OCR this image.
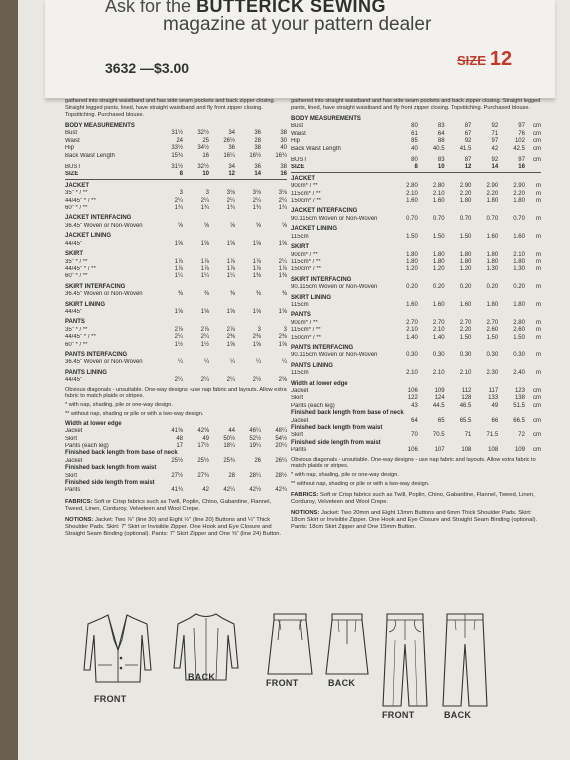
Ask for the BUTTERICK SEWING
magazine at your pattern dealer
3632 —$3.00	SIZE 12
gathered into straight waistband and has side seam pockets and back zipper closing. Straight legged pants, lined, have straight waistband and fly front zipper closing. Topstitching. Purchased blouse.
BODY MEASUREMENTS
Bust	31½	32½	34	36	38
Waist	24	25	26½	28	30
Hip	33½	34½	36	38	40
Back Waist Length	15¾	16	16¼	16½	16¾
BUST	31½	32½	34	36	38
SIZE	8	10	12	14	16
JACKET
35" * / **	3	3	3⅛	3⅛	3⅛
44/45" * / **	2¼	2¼	2¼	2¼	2¼
60" * / **	1¾	1¾	1¾	1¾	1¾
JACKET INTERFACING
36.45" Woven or Non-Woven	⅝	⅝	⅝	⅝	⅝
JACKET LINING
44/45"	1⅝	1⅝	1⅝	1⅝	1⅝
SKIRT
35" * / **	1⅞	1⅞	1⅞	1⅞	2¼
44/45" * / **	1⅞	1⅞	1⅞	1⅞	1⅞
60" * / **	1¼	1¼	1¼	1⅜	1⅜
SKIRT INTERFACING
36.45" Woven or Non-Woven	⅜	⅜	⅜	⅜	⅜
SKIRT LINING
44/45"	1⅝	1⅝	1⅝	1⅝	1⅝
PANTS
35" * / **	2⅞	2⅞	2⅞	3	3
44/45" * / **	2¼	2¼	2⅜	2⅜	2⅜
60" * / **	1½	1½	1⅝	1⅝	1⅝
PANTS INTERFACING
36.45" Woven or Non-Woven	¼	¼	¼	¼	¼
PANTS LINING
44/45"	2¼	2¼	2¼	2½	2⅝
Obvious diagonals - unsuitable. One-way designs -use nap fabric and layouts. Allow extra fabric to match plaids or stripes.
* with nap, shading, pile or one-way design.
** without nap, shading or pile or with a two-way design.
Width at lower edge
Jacket	41⅝	42⅝	44	46¼	48¼
Skirt	48	49	50½	52½	54½
Pants (each leg)	17	17½	18¼	19¼	20¼
Finished back length from base of neck
Jacket	25½	25½	25¾	26	26¼
Finished back length from waist
Skirt	27½	27¾	28	28¼	28½
Finished side length from waist
Pants	41¾	42	42¼	42½	42¾
FABRICS: Soft or Crisp fabrics such as Twill, Poplin, Chino, Gabardine, Flannel, Tweed, Linen, Corduroy, Velveteen and Wool Crepe.
NOTIONS: Jacket: Two ⅞" (line 30) and Eight ½" (line 20) Buttons and ¼" Thick Shoulder Pads. Skirt: 7" Skirt or Invisible Zipper. One Hook and Eye Closure and Straight Seam Binding (optional). Pants: 7" Skirt Zipper and One ⅝" (line 24) Button.
gathered into straight waistband and has side seam pockets and back zipper closing. Straight legged pants, lined, have straight waistband and fly front zipper closing. Topstitching. Purchased blouse.
BODY MEASUREMENTS
Bust	80	83	87	92	97	cm
Waist	61	64	67	71	76	cm
Hip	85	88	92	97	102	cm
Back Waist Length	40	40.5	41.5	42	42.5	cm
BUST	80	83	87	92	97	cm
SIZE	8	10	12	14	16
JACKET
90cm* / **	2.80	2.80	2.90	2.90	2.90	m
115cm* / **	2.10	2.10	2.20	2.20	2.20	m
150cm* / **	1.60	1.60	1.80	1.80	1.80	m
JACKET INTERFACING
90.115cm Woven or Non-Woven	0.70	0.70	0.70	0.70	0.70	m
JACKET LINING
115cm	1.50	1.50	1.50	1.60	1.60	m
SKIRT
90cm* / **	1.80	1.80	1.80	1.80	2.10	m
115cm* / **	1.80	1.80	1.80	1.80	1.80	m
150cm* / **	1.20	1.20	1.20	1.30	1.30	m
SKIRT INTERFACING
90.115cm Woven or Non-Woven	0.20	0.20	0.20	0.20	0.20	m
SKIRT LINING
115cm	1.60	1.60	1.60	1.80	1.80	m
PANTS
90cm* / **	2.70	2.70	2.70	2.70	2.80	m
115cm* / **	2.10	2.10	2.20	2.60	2.60	m
150cm* / **	1.40	1.40	1.50	1.50	1.50	m
PANTS INTERFACING
90.115cm Woven or Non-Woven	0.30	0.30	0.30	0.30	0.30	m
PANTS LINING
115cm	2.10	2.10	2.10	2.30	2.40	m
Width at lower edge
Jacket	106	109	112	117	123	cm
Skirt	122	124	128	133	138	cm
Pants (each leg)	43	44.5	46.5	49	51.5	cm
Finished back length from base of neck
Jacket	64	65	65.5	66	66.5	cm
Finished back length from waist
Skirt	70	70.5	71	71.5	72	cm
Finished side length from waist
Pants	106	107	108	108	109	cm
Obvious diagonals - unsuitable. One-way designs - use nap fabric and layouts. Allow extra fabric to match plaids or stripes.
* with nap, shading, pile or one-way design.
** without nap, shading or pile or with a two-way design.
FABRICS: Soft or Crisp fabrics such as Twill, Poplin, Chino, Gabardine, Flannel, Tweed, Linen, Corduroy, Velveteen and Wool Crepe.
NOTIONS: Jacket: Two 20mm and Eight 13mm Buttons and 6mm Thick Shoulder Pads. Skirt: 18cm Skirt or Invisible Zipper. One Hook and Eye Closure and Straight Seam Binding (optional). Pants: 18cm Skirt Zipper and One 15mm Button.
FRONT
BACK
FRONT	BACK
FRONT	BACK
